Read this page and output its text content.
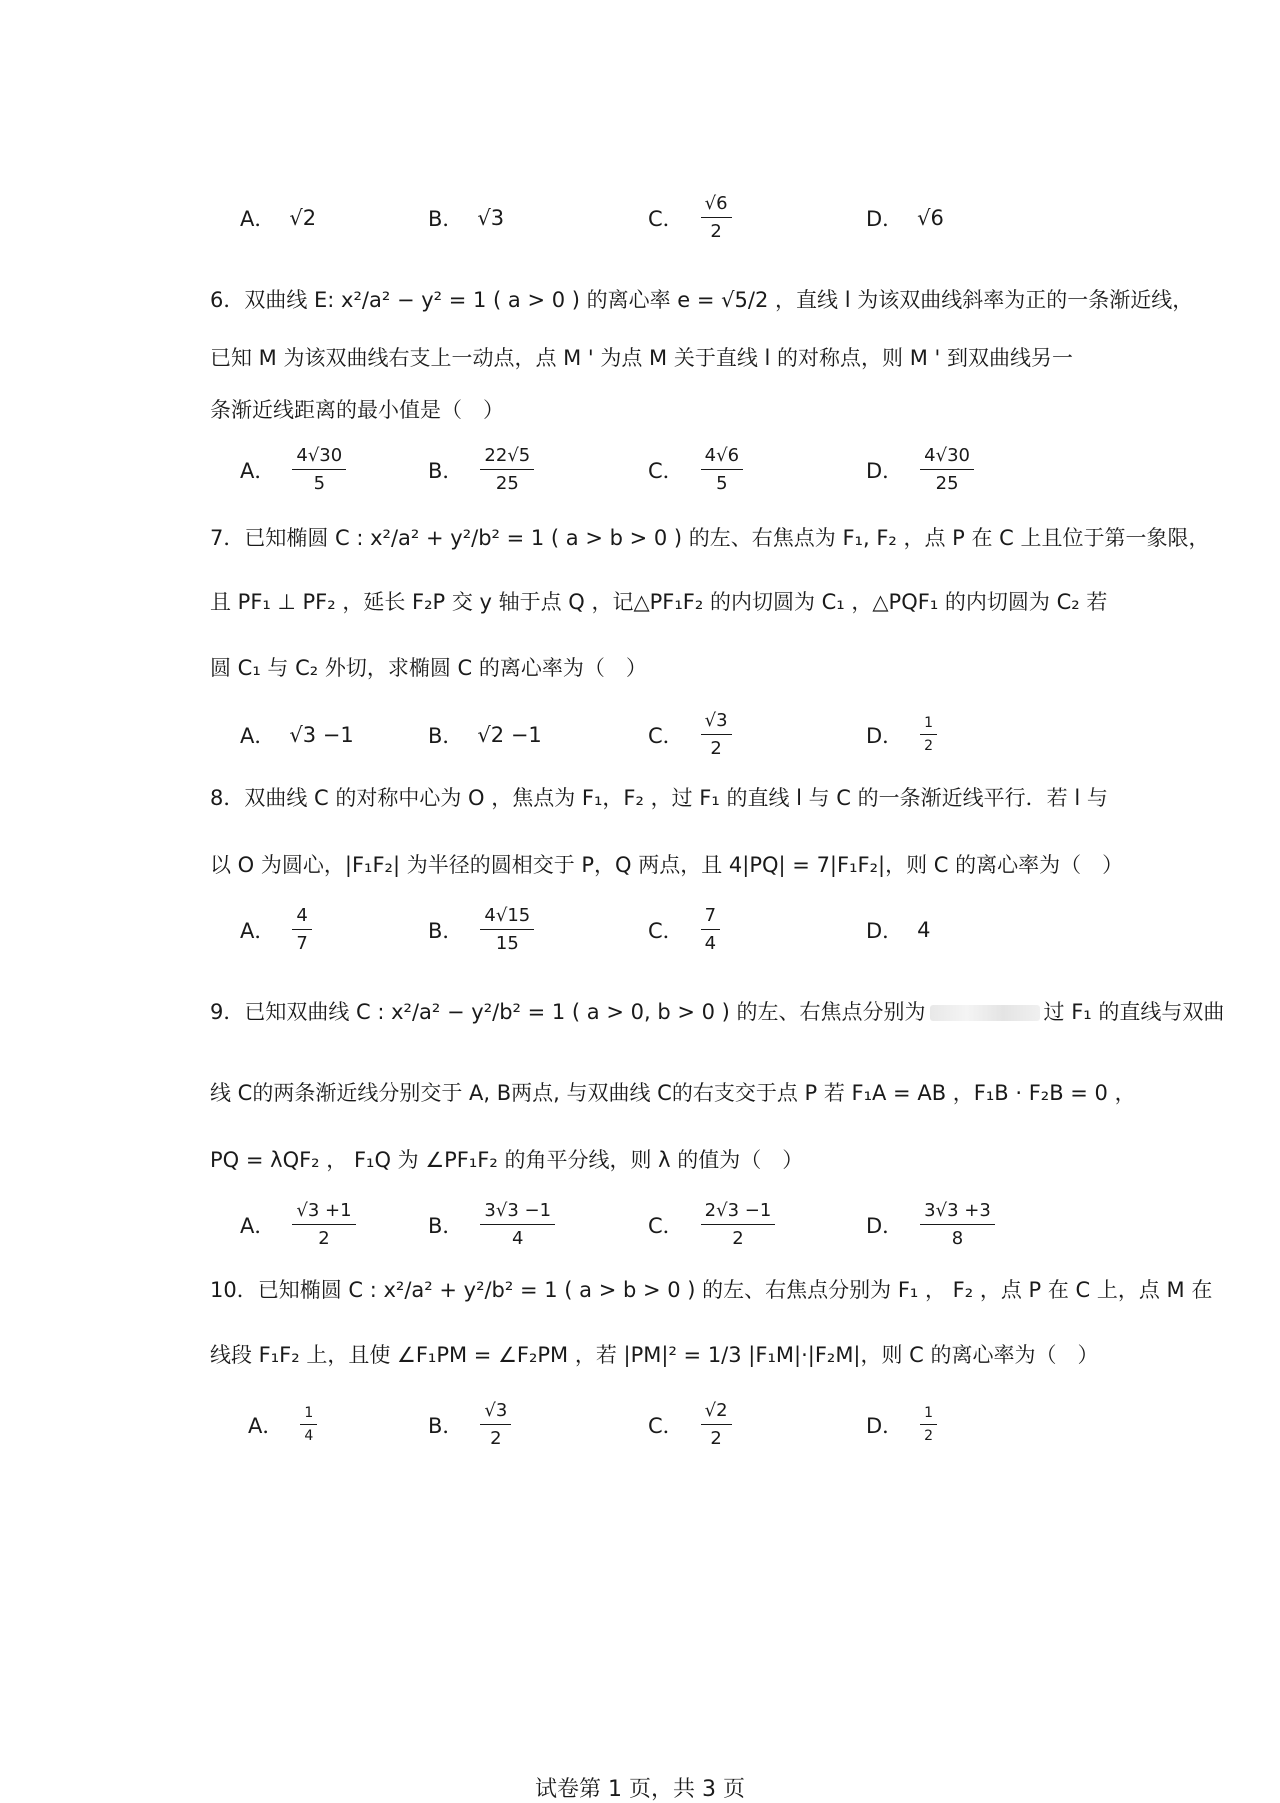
A． √2	B． √3	C． $\frac{√6}{2}$	D． √6
6．双曲线 E: x²/a² − y² = 1 ( a > 0 ) 的离心率 e = √5/2 ，直线 l 为该双曲线斜率为正的一条渐近线，
已知 M 为该双曲线右支上一动点，点 M ' 为点 M 关于直线 l 的对称点，则 M ' 到双曲线另一
条渐近线距离的最小值是（　）
A． $\frac{4√30}{5}$	B． $\frac{22√5}{25}$	C． $\frac{4√6}{5}$	D． $\frac{4√30}{25}$
7．已知椭圆 C : x²/a² + y²/b² = 1 ( a > b > 0 ) 的左、右焦点为 F₁, F₂ ，点 P 在 C 上且位于第一象限，
且 PF₁ ⊥ PF₂ ，延长 F₂P 交 y 轴于点 Q ，记△PF₁F₂ 的内切圆为 C₁ ，△PQF₁ 的内切圆为 C₂ 若
圆 C₁ 与 C₂ 外切，求椭圆 C 的离心率为（　）
A． √3 −1	B． √2 −1	C． $\frac{√3}{2}$	D． $\frac{1}{2}$
8．双曲线 C 的对称中心为 O ，焦点为 F₁，F₂ ，过 F₁ 的直线 l 与 C 的一条渐近线平行．若 l 与
以 O 为圆心，|F₁F₂| 为半径的圆相交于 P，Q 两点，且 4|PQ| = 7|F₁F₂|，则 C 的离心率为（　）
A． $\frac{4}{7}$	B． $\frac{4√15}{15}$	C． $\frac{7}{4}$	D． 4
9．已知双曲线 C : x²/a² − y²/b² = 1 ( a > 0, b > 0 ) 的左、右焦点分别为	过 F₁ 的直线与双曲
线 C的两条渐近线分别交于 A, B两点, 与双曲线 C的右支交于点 P 若 F₁A = AB ，F₁B · F₂B = 0 ，
PQ = λQF₂ ， F₁Q 为 ∠PF₁F₂ 的角平分线，则 λ 的值为（　）
A． $\frac{√3 +1}{2}$	B． $\frac{3√3 -1}{4}$	C． $\frac{2√3 -1}{2}$	D． $\frac{3√3 +3}{8}$
10．已知椭圆 C : x²/a² + y²/b² = 1 ( a > b > 0 ) 的左、右焦点分别为 F₁ ， F₂ ，点 P 在 C 上，点 M 在
线段 F₁F₂ 上，且使 ∠F₁PM = ∠F₂PM ，若 |PM|² = 1/3 |F₁M|·|F₂M|，则 C 的离心率为（　）
A． $\frac{1}{4}$	B． $\frac{√3}{2}$	C． $\frac{√2}{2}$	D． $\frac{1}{2}$
试卷第 1 页，共 3 页
